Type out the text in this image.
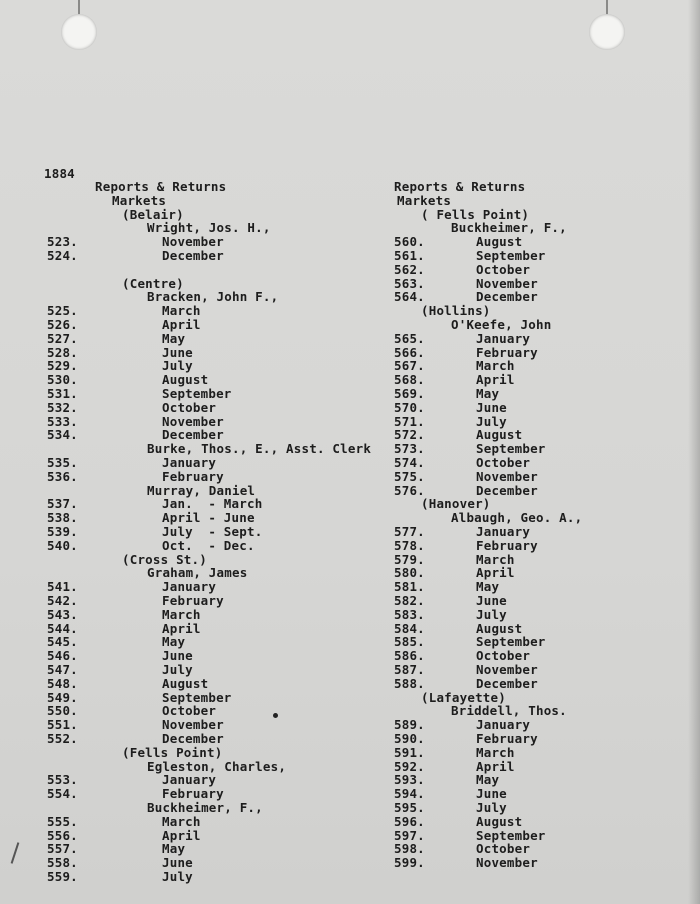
1884
Reports & Returns
Markets
(Belair)
Wright, Jos. H.,
523.	November
524.	December
(Centre)
Bracken, John F.,
525.	March
526.	April
527.	May
528.	June
529.	July
530.	August
531.	September
532.	October
533.	November
534.	December
Burke, Thos., E., Asst. Clerk
535.	January
536.	February
Murray, Daniel
537.	Jan.  - March
538.	April - June
539.	July  - Sept.
540.	Oct.  - Dec.
(Cross St.)
Graham, James
541.	January
542.	February
543.	March
544.	April
545.	May
546.	June
547.	July
548.	August
549.	September
550.	October
551.	November
552.	December
(Fells Point)
Egleston, Charles,
553.	January
554.	February
Buckheimer, F.,
555.	March
556.	April
557.	May
558.	June
559.	July
Reports & Returns
Markets
( Fells Point)
Buckheimer, F.,
560.	August
561.	September
562.	October
563.	November
564.	December
(Hollins)
O'Keefe, John
565.	January
566.	February
567.	March
568.	April
569.	May
570.	June
571.	July
572.	August
573.	September
574.	October
575.	November
576.	December
(Hanover)
Albaugh, Geo. A.,
577.	January
578.	February
579.	March
580.	April
581.	May
582.	June
583.	July
584.	August
585.	September
586.	October
587.	November
588.	December
(Lafayette)
Briddell, Thos.
589.	January
590.	February
591.	March
592.	April
593.	May
594.	June
595.	July
596.	August
597.	September
598.	October
599.	November
